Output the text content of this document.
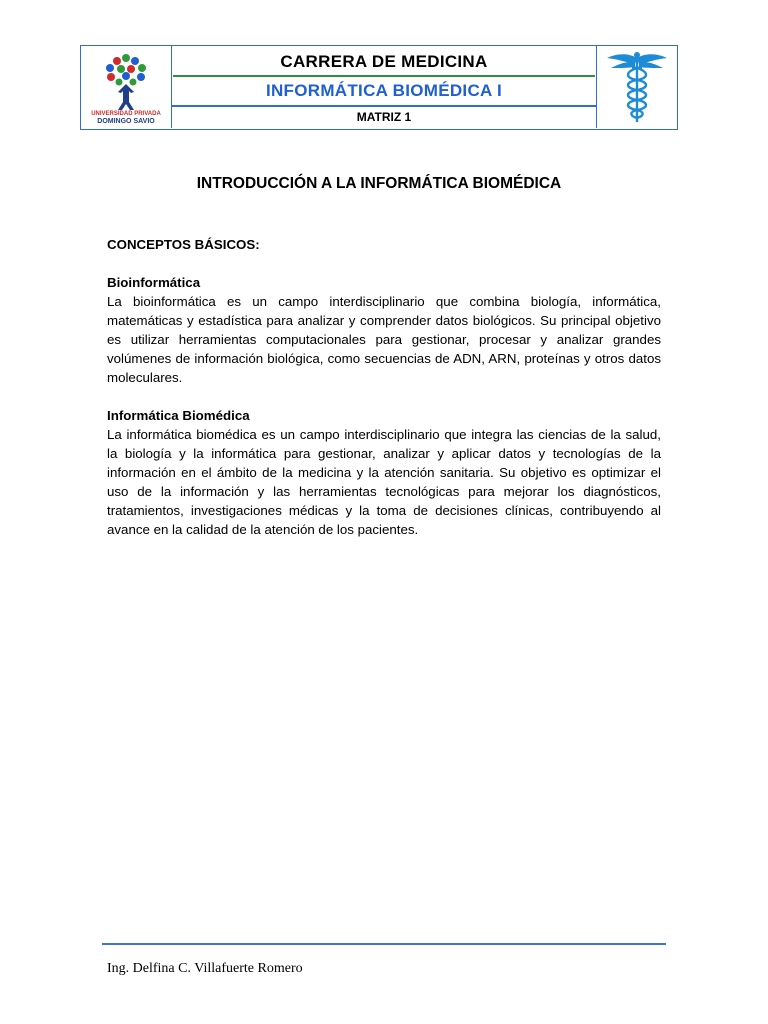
UNIVERSIDAD PRIVADA
DOMINGO SAVIO
CARRERA DE MEDICINA
INFORMÁTICA BIOMÉDICA I
MATRIZ 1
INTRODUCCIÓN A LA INFORMÁTICA BIOMÉDICA

CONCEPTOS BÁSICOS:

Bioinformática

La bioinformática es un campo interdisciplinario que combina biología, informática, matemáticas y estadística para analizar y comprender datos biológicos. Su principal objetivo es utilizar herramientas computacionales para gestionar, procesar y analizar grandes volúmenes de información biológica, como secuencias de ADN, ARN, proteínas y otros datos moleculares.

Informática Biomédica

La informática biomédica es un campo interdisciplinario que integra las ciencias de la salud, la biología y la informática para gestionar, analizar y aplicar datos y tecnologías de la información en el ámbito de la medicina y la atención sanitaria. Su objetivo es optimizar el uso de la información y las herramientas tecnológicas para mejorar los diagnósticos, tratamientos, investigaciones médicas y la toma de decisiones clínicas, contribuyendo al avance en la calidad de la atención de los pacientes.

Ing. Delfina C. Villafuerte Romero
